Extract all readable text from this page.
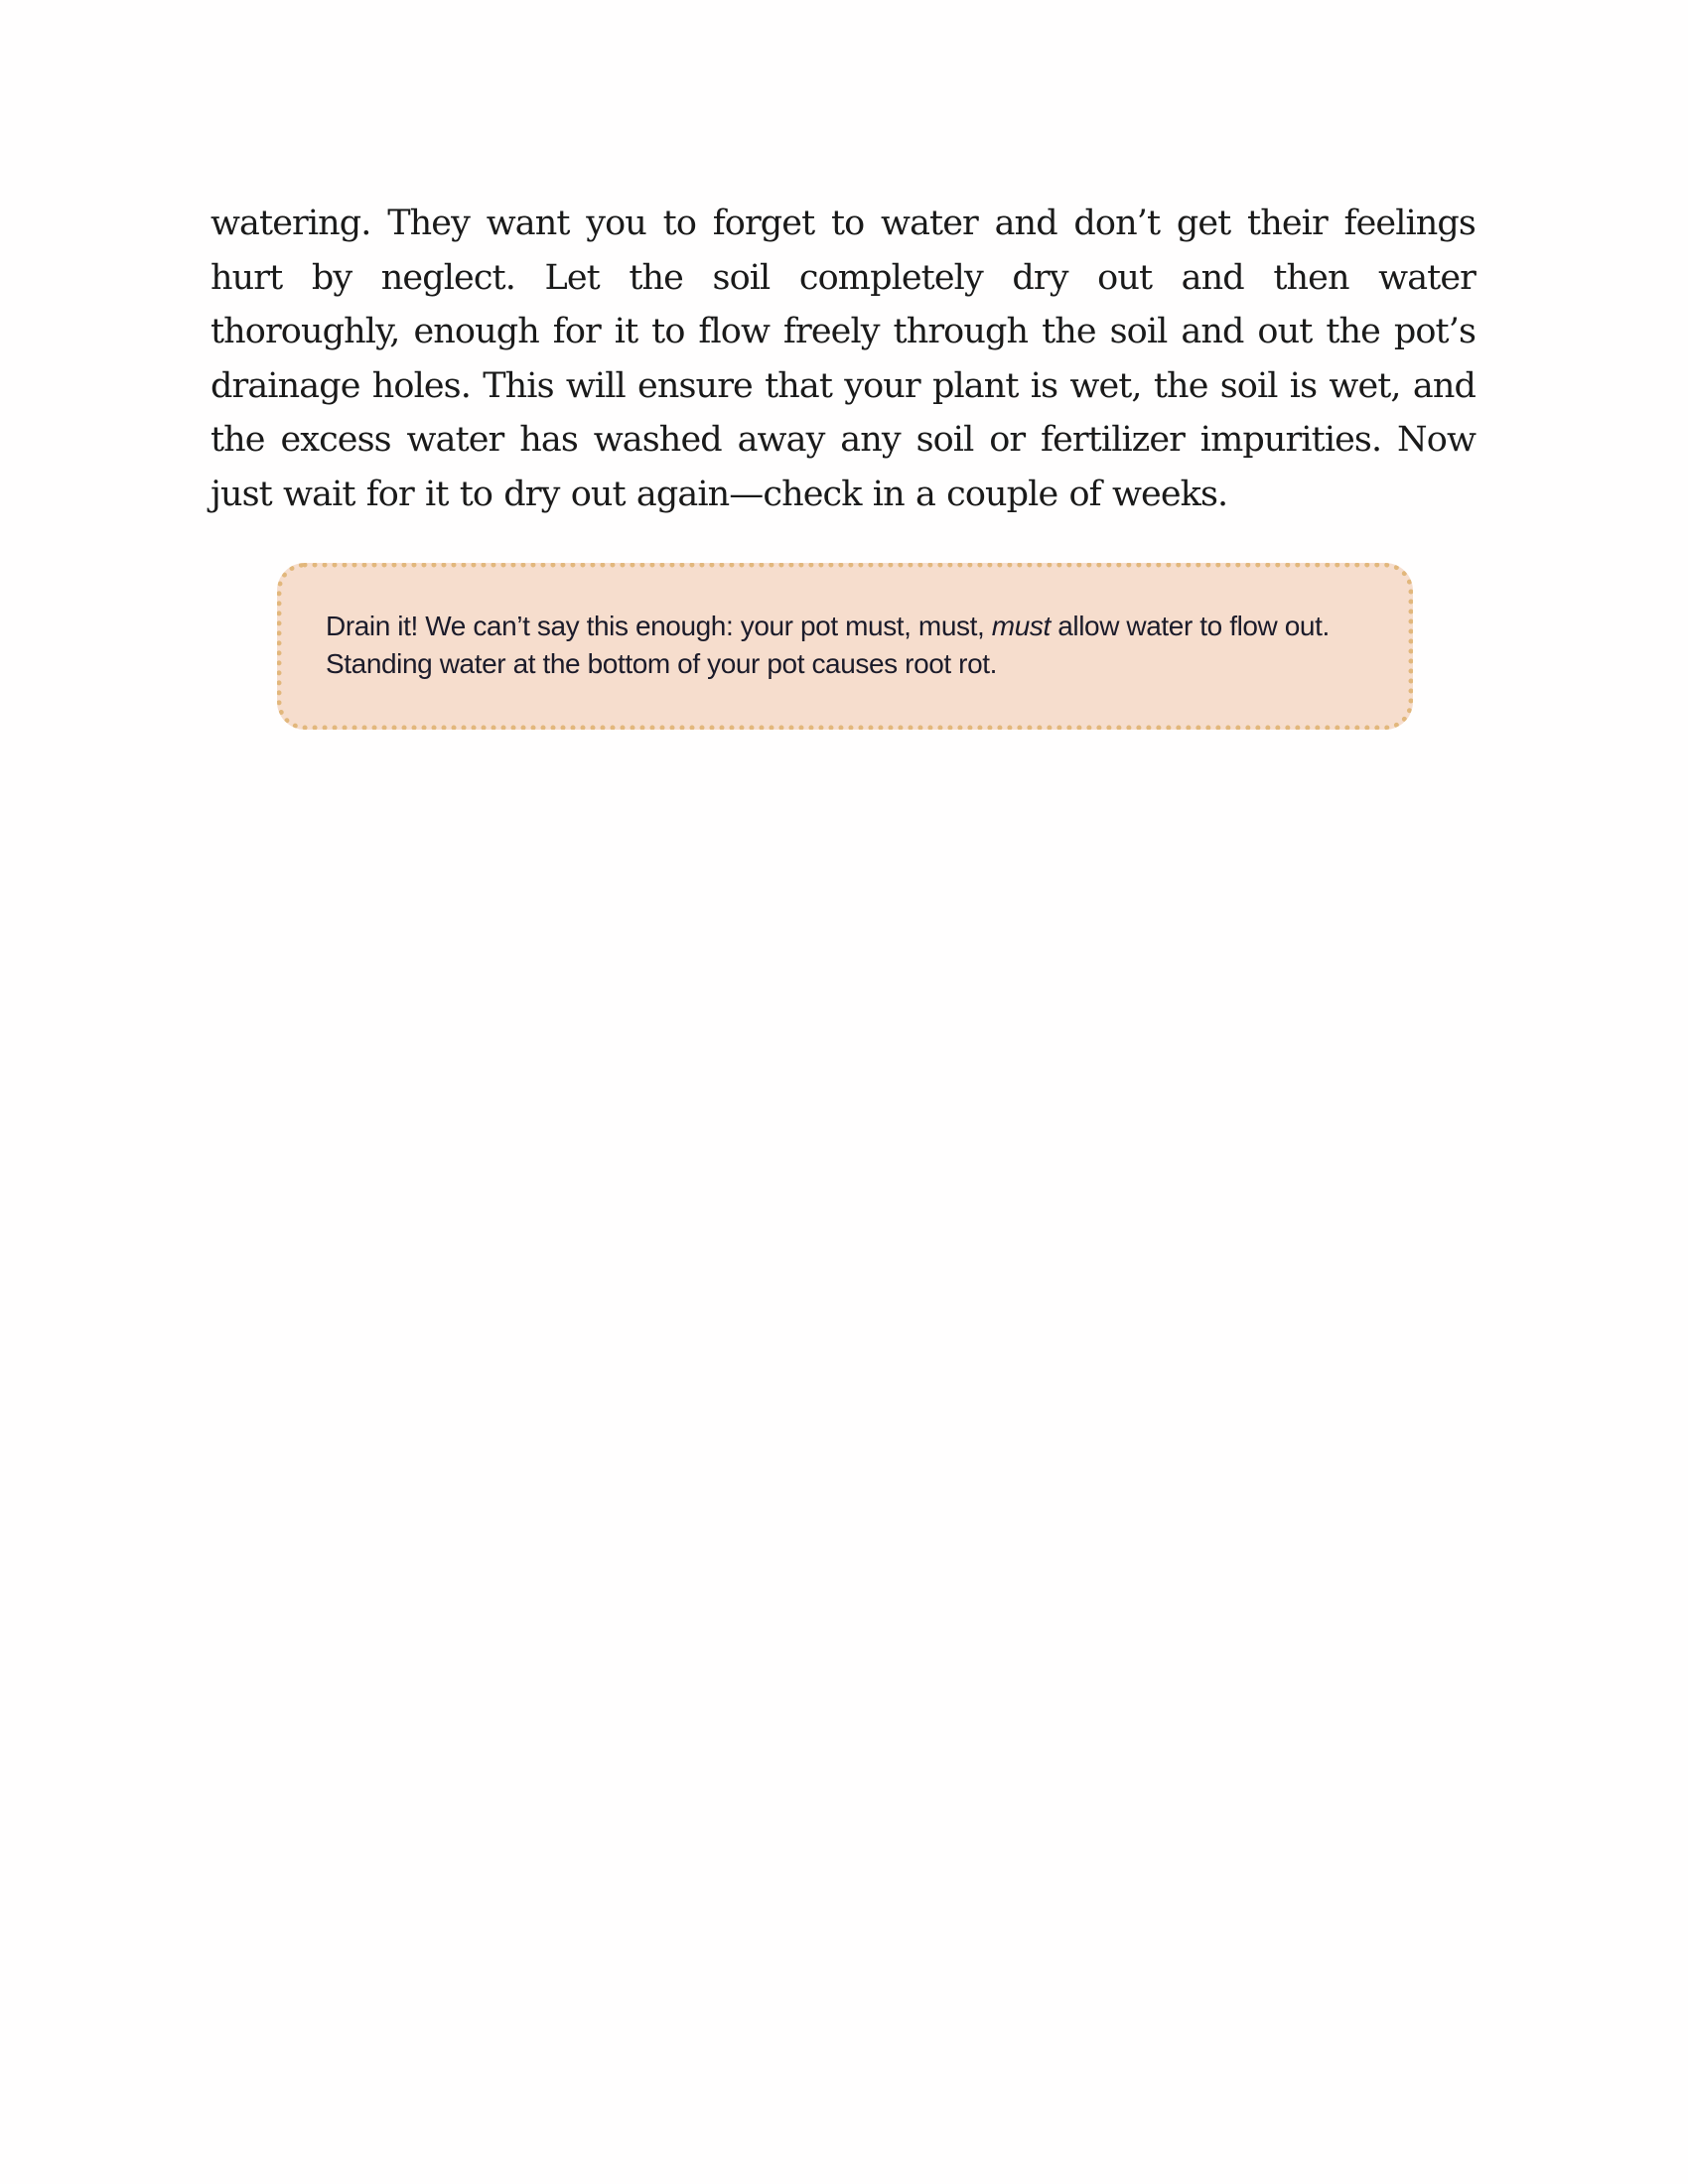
watering. They want you to forget to water and don’t get their feelings hurt by neglect. Let the soil completely dry out and then water thoroughly, enough for it to flow freely through the soil and out the pot’s drainage holes. This will ensure that your plant is wet, the soil is wet, and the excess water has washed away any soil or fertilizer impurities. Now just wait for it to dry out again—check in a couple of weeks.

Drain it! We can’t say this enough: your pot must, must, must allow water to flow out. Standing water at the bottom of your pot causes root rot.
